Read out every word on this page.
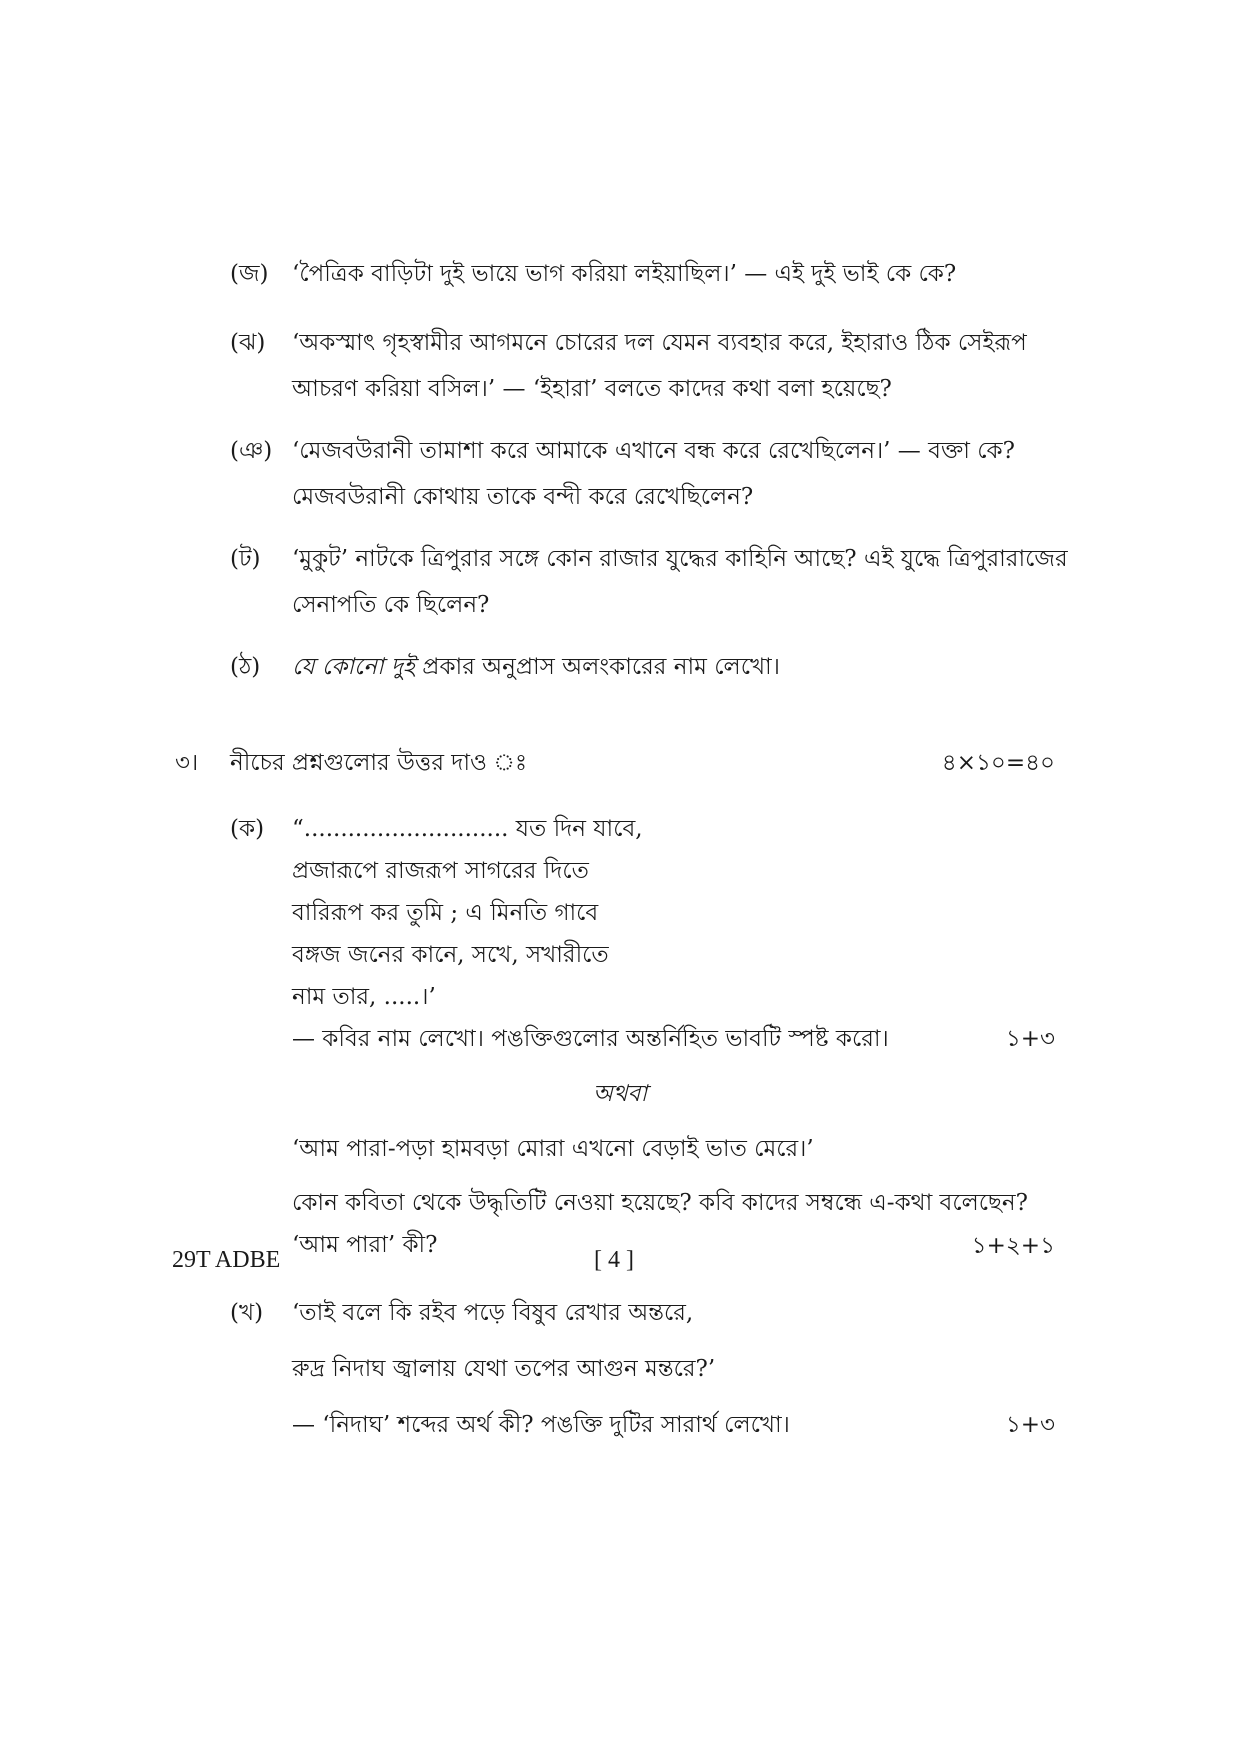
(জ)	‘পৈত্রিক বাড়িটা দুই ভায়ে ভাগ করিয়া লইয়াছিল।’ — এই দুই ভাই কে কে?
(ঝ)	‘অকস্মাৎ গৃহস্বামীর আগমনে চোরের দল যেমন ব্যবহার করে, ইহারাও ঠিক সেইরূপ
আচরণ করিয়া বসিল।’ — ‘ইহারা’ বলতে কাদের কথা বলা হয়েছে?
(ঞ) ‘মেজবউরানী তামাশা করে আমাকে এখানে বন্ধ করে রেখেছিলেন।’ — বক্তা কে?
মেজবউরানী কোথায় তাকে বন্দী করে রেখেছিলেন?
(ট)	‘মুকুট’ নাটকে ত্রিপুরার সঙ্গে কোন রাজার যুদ্ধের কাহিনি আছে? এই যুদ্ধে ত্রিপুরারাজের
সেনাপতি কে ছিলেন?
(ঠ)	যে কোনো দুই প্রকার অনুপ্রাস অলংকারের নাম লেখো।
৩।	নীচের প্রশ্নগুলোর উত্তর দাও ঃ	৪×১০=৪০
(ক)	“............................ যত দিন যাবে,
প্রজারূপে রাজরূপ সাগরের দিতে
বারিরূপ কর তুমি ; এ মিনতি গাবে
বঙ্গজ জনের কানে, সখে, সখারীতে
নাম তার, .....।’
— কবির নাম লেখো। পঙক্তিগুলোর অন্তর্নিহিত ভাবটি স্পষ্ট করো।	১+৩
অথবা
‘আম পারা-পড়া হামবড়া মোরা এখনো বেড়াই ভাত মেরে।’
কোন কবিতা থেকে উদ্ধৃতিটি নেওয়া হয়েছে? কবি কাদের সম্বন্ধে এ-কথা বলেছেন?
‘আম পারা’ কী?	১+২+১
(খ)	‘তাই বলে কি রইব পড়ে বিষুব রেখার অন্তরে,
রুদ্র নিদাঘ জ্বালায় যেথা তপের আগুন মন্তরে?’
— ‘নিদাঘ’ শব্দের অর্থ কী? পঙক্তি দুটির সারার্থ লেখো।	১+৩
29T ADBE	[ 4 ]
